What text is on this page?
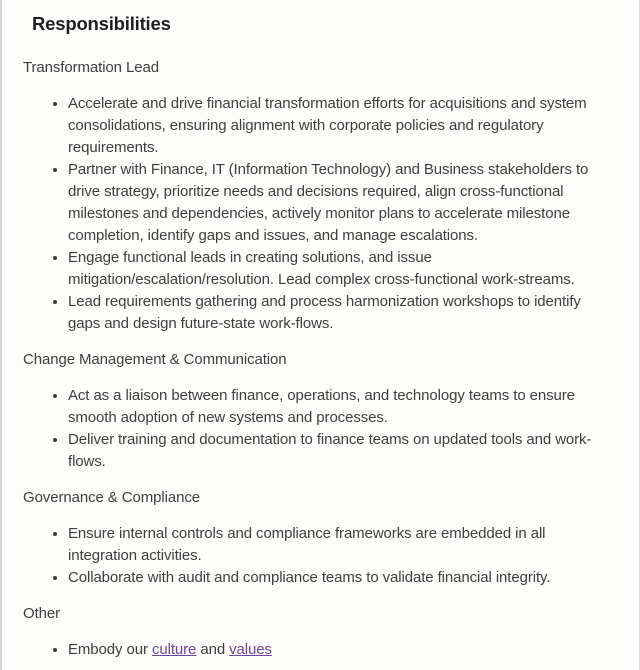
Responsibilities

Transformation Lead

• Accelerate and drive financial transformation efforts for acquisitions and system consolidations, ensuring alignment with corporate policies and regulatory requirements.
• Partner with Finance, IT (Information Technology) and Business stakeholders to drive strategy, prioritize needs and decisions required, align cross-functional milestones and dependencies, actively monitor plans to accelerate milestone completion, identify gaps and issues, and manage escalations.
• Engage functional leads in creating solutions, and issue mitigation/escalation/resolution. Lead complex cross-functional work-streams.
• Lead requirements gathering and process harmonization workshops to identify gaps and design future-state work-flows.

Change Management & Communication

• Act as a liaison between finance, operations, and technology teams to ensure smooth adoption of new systems and processes.
• Deliver training and documentation to finance teams on updated tools and work-flows.

Governance & Compliance

• Ensure internal controls and compliance frameworks are embedded in all integration activities.
• Collaborate with audit and compliance teams to validate financial integrity.

Other

• Embody our culture and values
